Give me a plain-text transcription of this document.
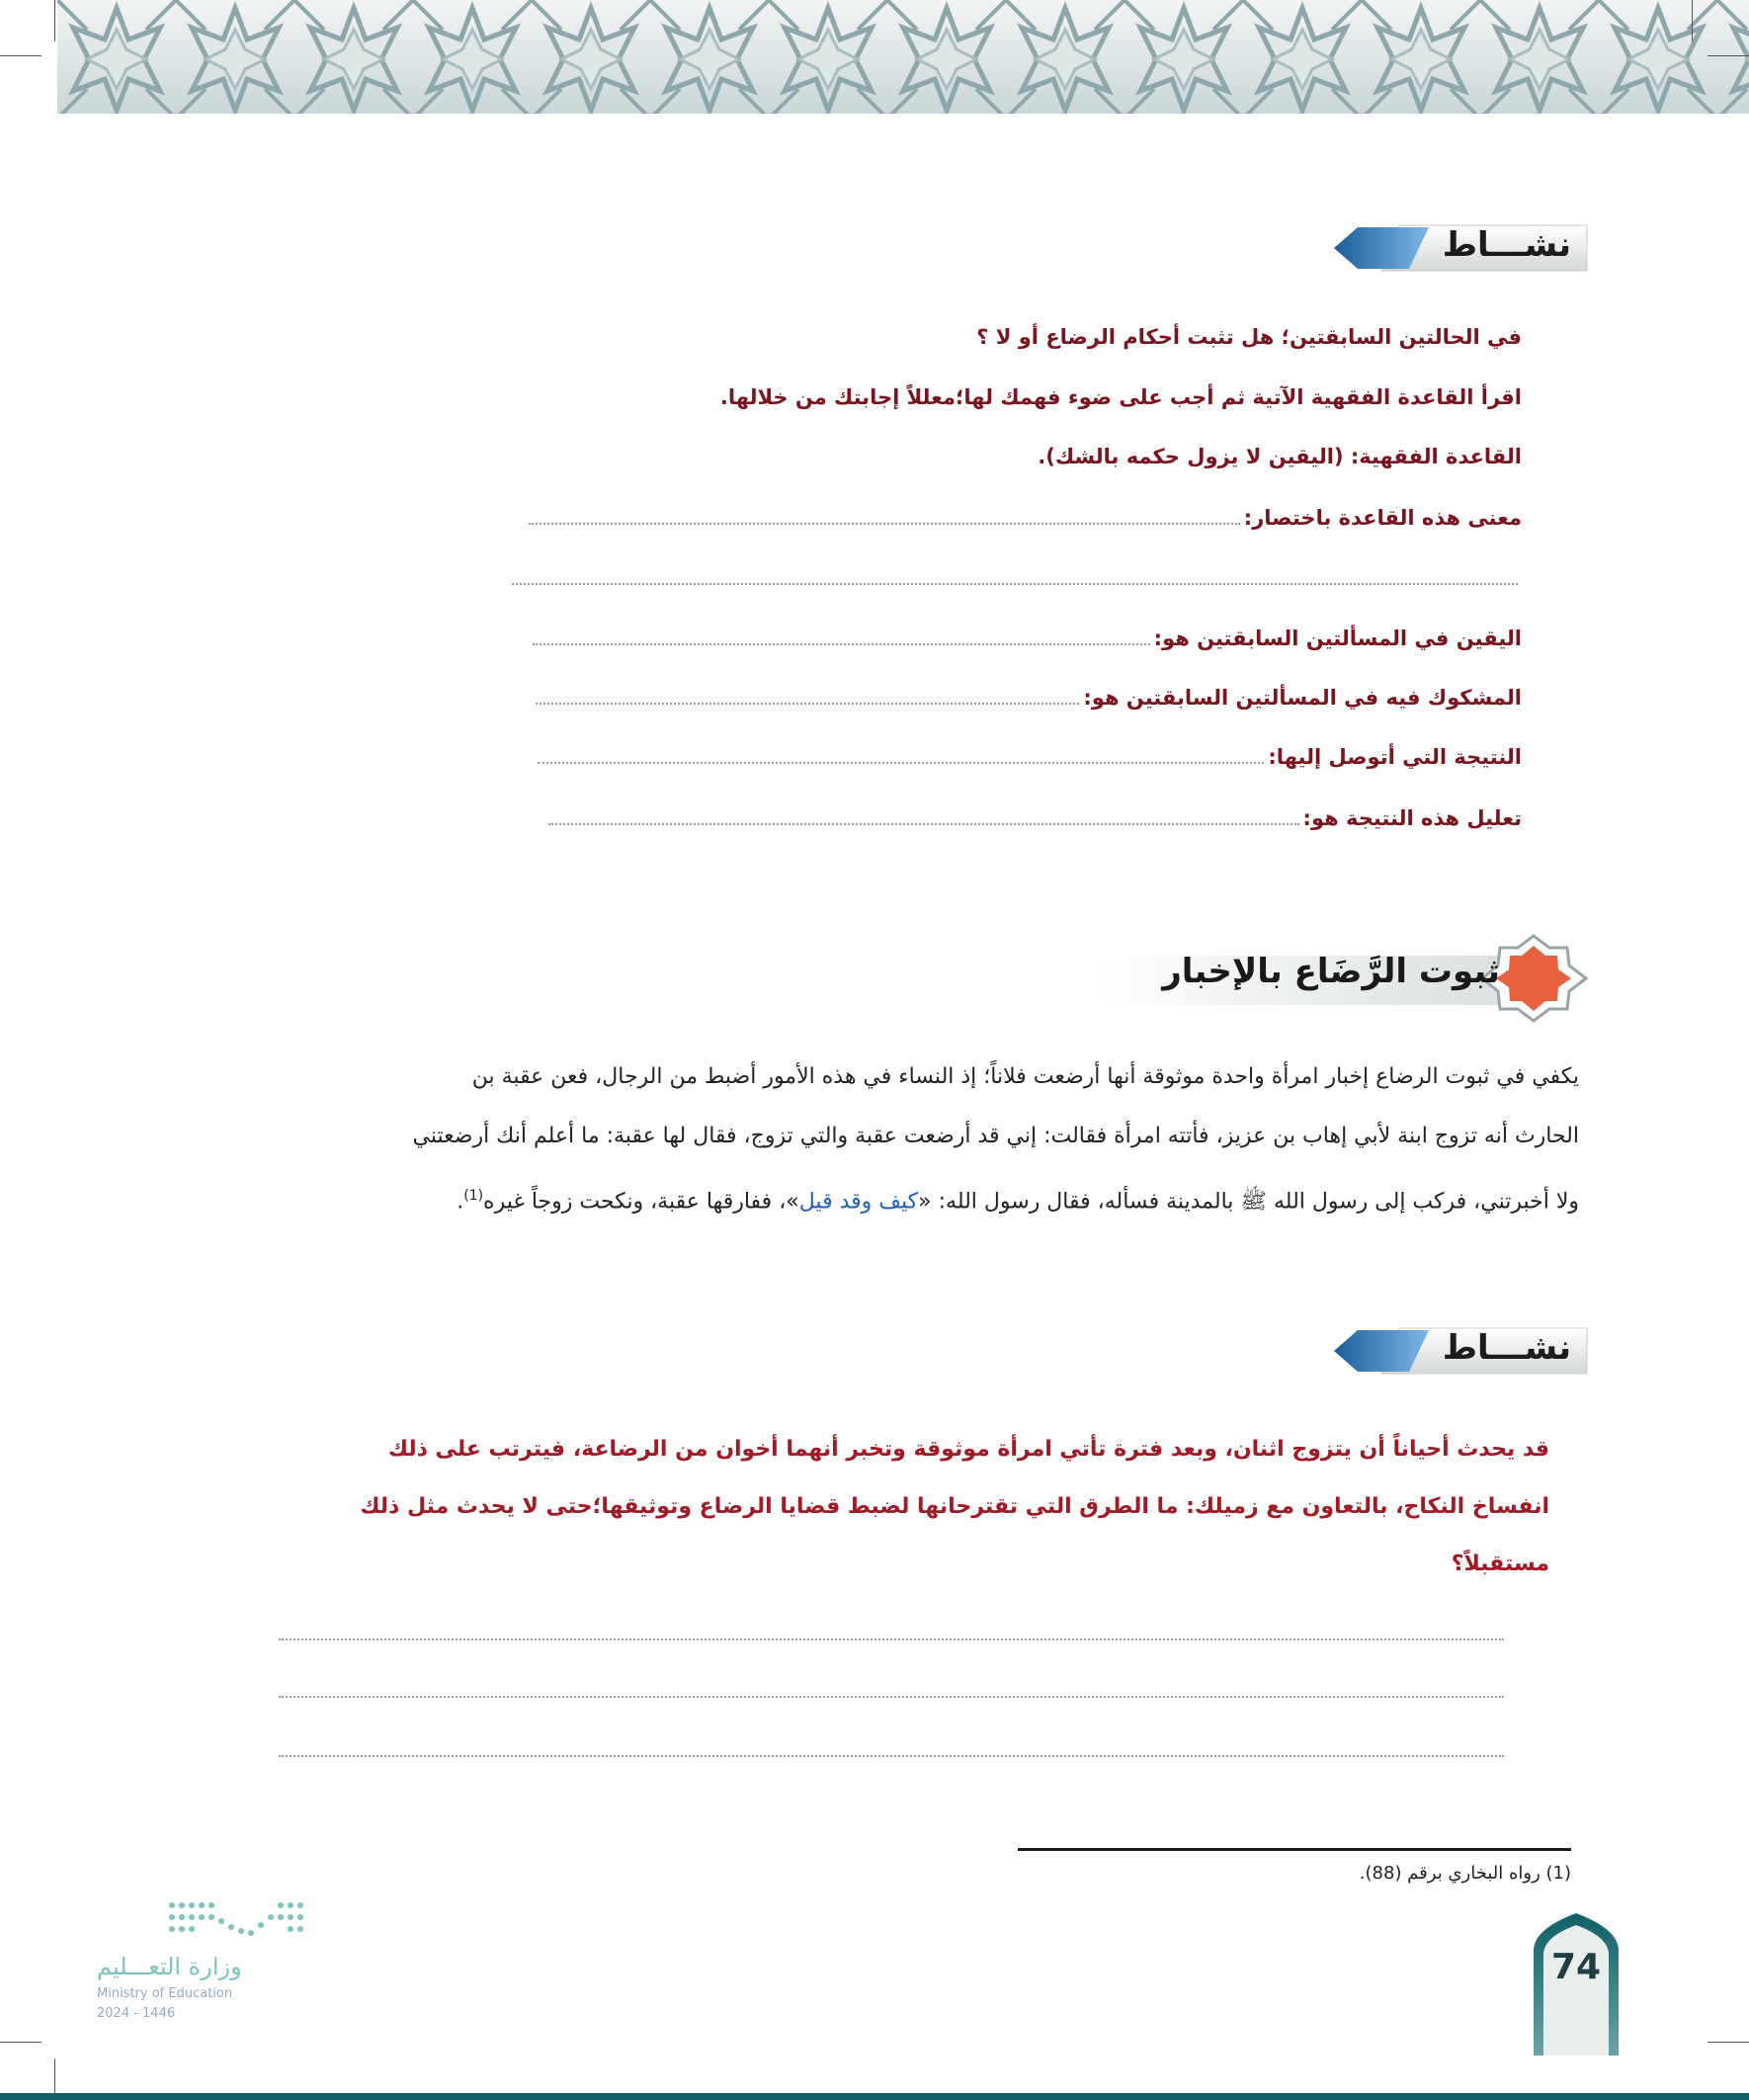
نشـــاط
في الحالتين السابقتين؛ هل تثبت أحكام الرضاع أو لا ؟
اقرأ القاعدة الفقهية الآتية ثم أجب على ضوء فهمك لها؛معللاً إجابتك من خلالها.
القاعدة الفقهية: (اليقين لا يزول حكمه بالشك).
معنى هذه القاعدة باختصار:
اليقين في المسألتين السابقتين هو:
المشكوك فيه في المسألتين السابقتين هو:
النتيجة التي أتوصل إليها:
تعليل هذه النتيجة هو:
ثبوت الرَّضَاع بالإخبار
يكفي في ثبوت الرضاع إخبار امرأة واحدة موثوقة أنها أرضعت فلاناً؛ إذ النساء في هذه الأمور أضبط من الرجال، فعن عقبة بن
الحارث أنه تزوج ابنة لأبي إهاب بن عزيز، فأتته امرأة فقالت: إني قد أرضعت عقبة والتي تزوج، فقال لها عقبة: ما أعلم أنك أرضعتني
ولا أخبرتني، فركب إلى رسول الله ﷺ بالمدينة فسأله، فقال رسول الله: «كيف وقد قيل»، ففارقها عقبة، ونكحت زوجاً غيره$^{(1)}$.
نشـــاط
قد يحدث أحياناً أن يتزوج اثنان، وبعد فترة تأتي امرأة موثوقة وتخبر أنهما أخوان من الرضاعة، فيترتب على ذلك
انفساخ النكاح، بالتعاون مع زميلك: ما الطرق التي تقترحانها لضبط قضايا الرضاع وتوثيقها؛حتى لا يحدث مثل ذلك
مستقبلاً؟
(1) رواه البخاري برقم (88).
74
وزارة التعـــليم
Ministry of Education
2024 - 1446
